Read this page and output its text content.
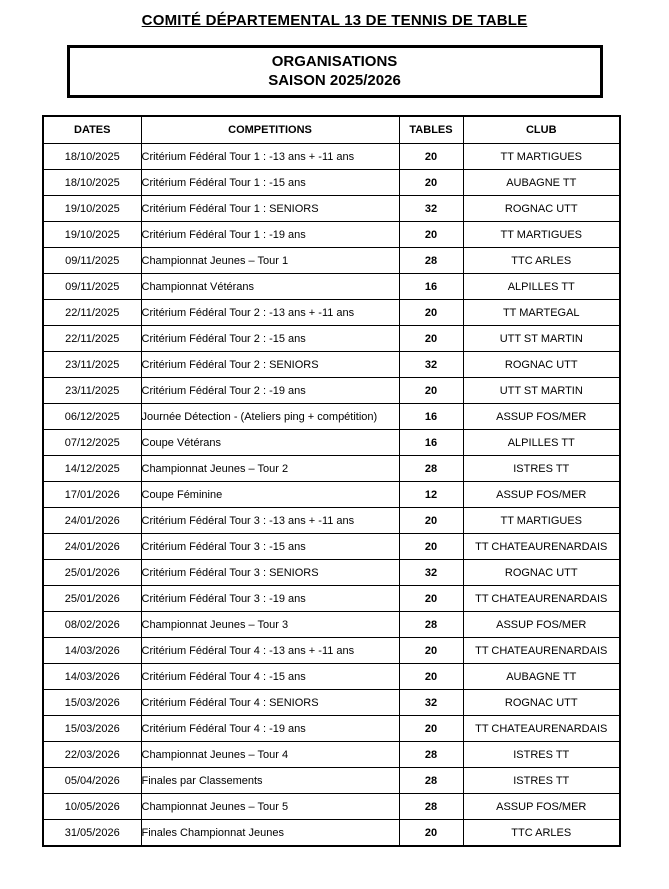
COMITÉ DÉPARTEMENTAL 13 DE TENNIS DE TABLE
ORGANISATIONS
SAISON 2025/2026
DATES	COMPETITIONS	TABLES	CLUB
18/10/2025	Critérium Fédéral Tour 1 : -13 ans + -11 ans	20	TT MARTIGUES
18/10/2025	Critérium Fédéral Tour 1 : -15 ans	20	AUBAGNE TT
19/10/2025	Critérium Fédéral Tour 1 : SENIORS	32	ROGNAC UTT
19/10/2025	Critérium Fédéral Tour 1 : -19 ans	20	TT MARTIGUES
09/11/2025	Championnat Jeunes – Tour 1	28	TTC ARLES
09/11/2025	Championnat Vétérans	16	ALPILLES TT
22/11/2025	Critérium Fédéral Tour 2 : -13 ans + -11 ans	20	TT MARTEGAL
22/11/2025	Critérium Fédéral Tour 2 : -15 ans	20	UTT ST MARTIN
23/11/2025	Critérium Fédéral Tour 2 : SENIORS	32	ROGNAC UTT
23/11/2025	Critérium Fédéral Tour 2 : -19 ans	20	UTT ST MARTIN
06/12/2025	Journée Détection - (Ateliers ping + compétition)	16	ASSUP FOS/MER
07/12/2025	Coupe Vétérans	16	ALPILLES TT
14/12/2025	Championnat Jeunes – Tour 2	28	ISTRES TT
17/01/2026	Coupe Féminine	12	ASSUP FOS/MER
24/01/2026	Critérium Fédéral Tour 3 : -13 ans + -11 ans	20	TT MARTIGUES
24/01/2026	Critérium Fédéral Tour 3 : -15 ans	20	TT CHATEAURENARDAIS
25/01/2026	Critérium Fédéral Tour 3 : SENIORS	32	ROGNAC UTT
25/01/2026	Critérium Fédéral Tour 3 : -19 ans	20	TT CHATEAURENARDAIS
08/02/2026	Championnat Jeunes – Tour 3	28	ASSUP FOS/MER
14/03/2026	Critérium Fédéral Tour 4 : -13 ans + -11 ans	20	TT CHATEAURENARDAIS
14/03/2026	Critérium Fédéral Tour 4 : -15 ans	20	AUBAGNE TT
15/03/2026	Critérium Fédéral Tour 4 : SENIORS	32	ROGNAC UTT
15/03/2026	Critérium Fédéral Tour 4 : -19 ans	20	TT CHATEAURENARDAIS
22/03/2026	Championnat Jeunes – Tour 4	28	ISTRES TT
05/04/2026	Finales par Classements	28	ISTRES TT
10/05/2026	Championnat Jeunes – Tour 5	28	ASSUP FOS/MER
31/05/2026	Finales Championnat Jeunes	20	TTC ARLES
